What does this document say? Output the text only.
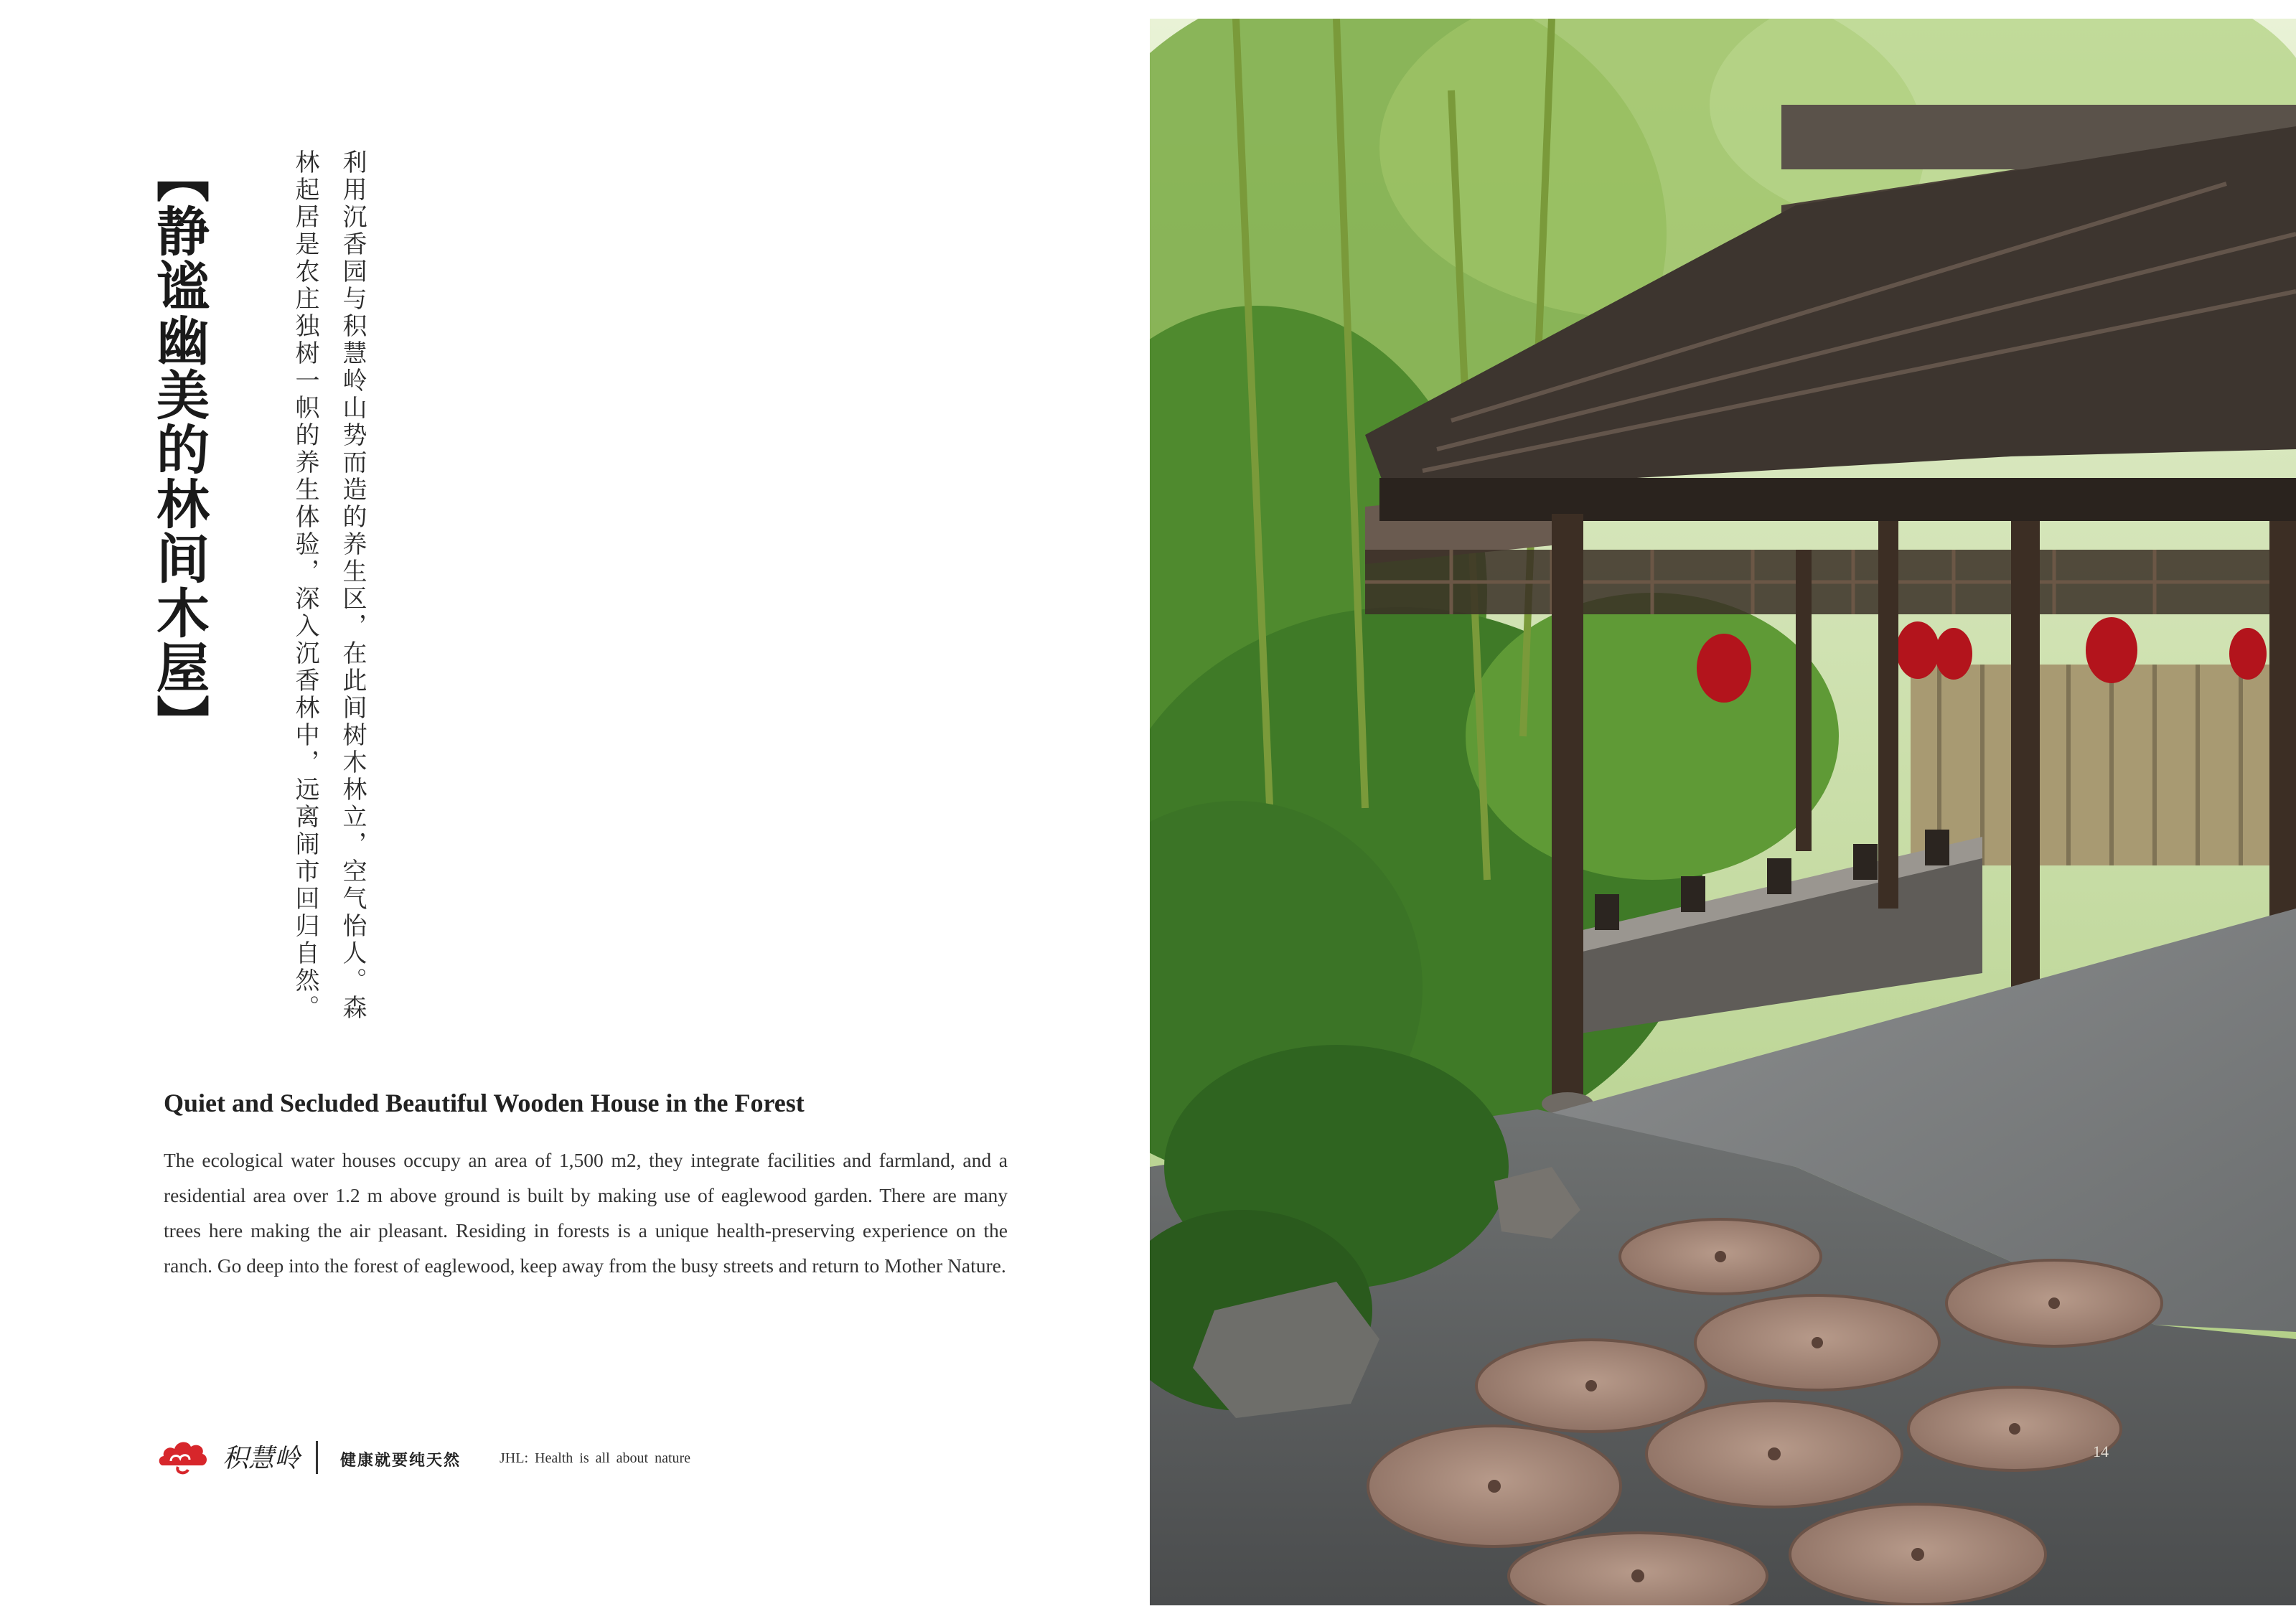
【静谧幽美的林间木屋】	利用沉香园与积慧岭山势而造的养生区，在此间树木林立，空气怡人。森林起居是农庄独树一帜的养生体验，深入沉香林中，远离闹市回归自然。

Quiet and Secluded Beautiful Wooden House in the Forest

The ecological water houses occupy an area of 1,500 m2, they integrate facilities and farmland, and a residential area over 1.2 m above ground is built by making use of eaglewood garden. There are many trees here making the air pleasant. Residing in forests is a unique health-preserving experience on the ranch. Go deep into the forest of eaglewood, keep away from the busy streets and return to Mother Nature.

积慧岭	健康就要纯天然	JHL: Health is all about nature	14
